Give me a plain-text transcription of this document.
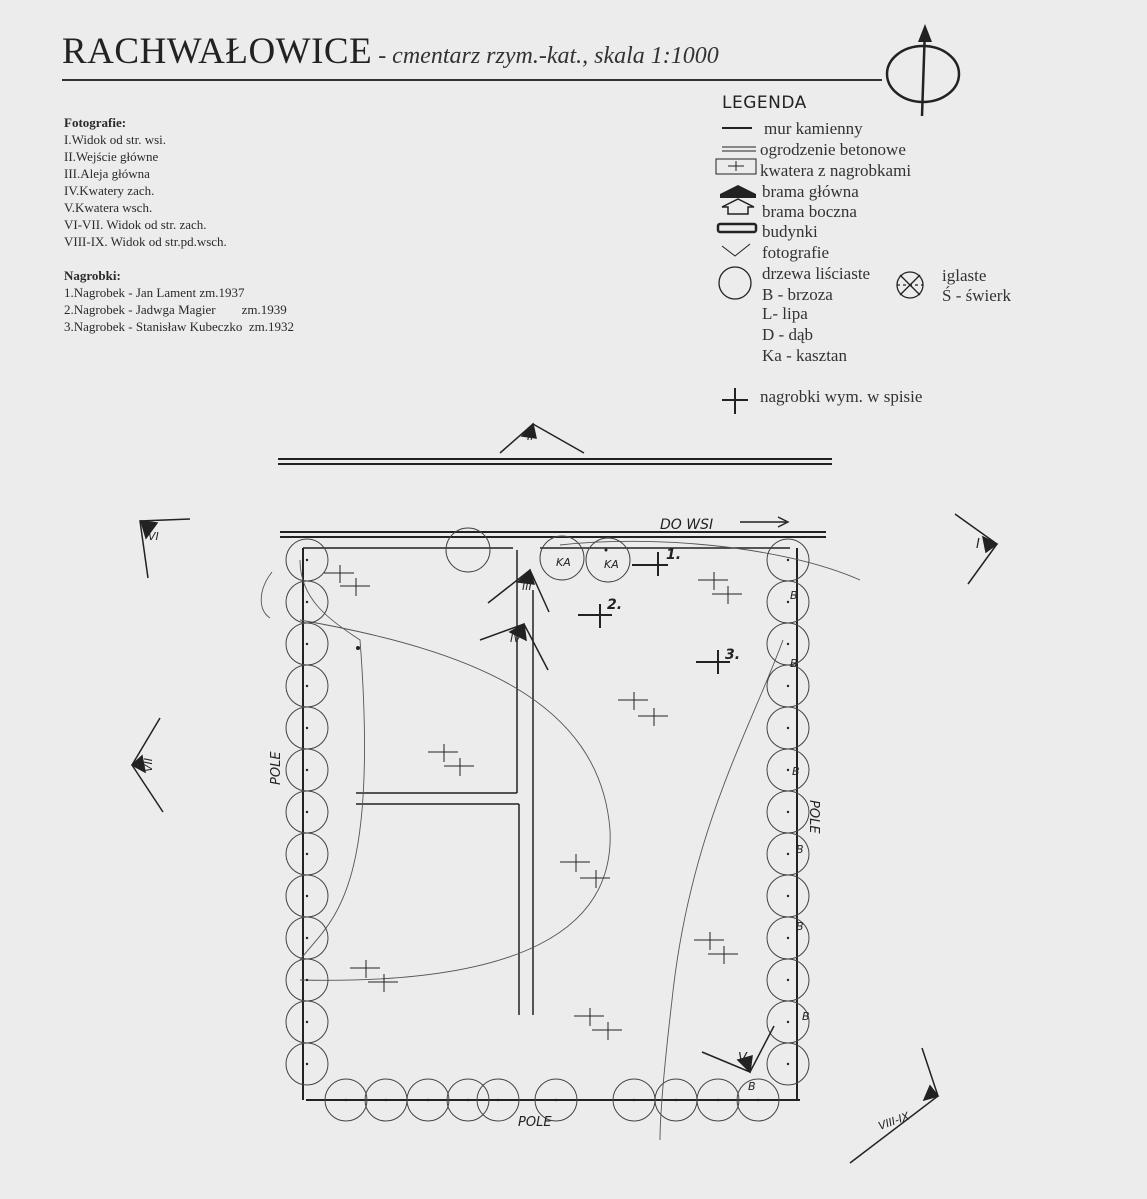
RACHWAŁOWICE - cmentarz rzym.-kat., skala 1:1000
Fotografie:
I.Widok od str. wsi.
II.Wejście główne
III.Aleja główna
IV.Kwatery zach.
V.Kwatera wsch.
VI-VII. Widok od str. zach.
VIII-IX. Widok od str.pd.wsch.
Nagrobki:
1.Nagrobek - Jan Lament zm.1937
2.Nagrobek - Jadwga Magier        zm.1939
3.Nagrobek - Stanisław Kubeczko  zm.1932
LEGENDA
mur kamienny
ogrodzenie betonowe
kwatera z nagrobkami
brama główna
brama boczna
budynki
fotografie
drzewa liściaste	iglaste
B - brzoza	Ś - świerk
L- lipa
D - dąb
Ka - kasztan
nagrobki wym. w spisie
DO WSI
1.
2.
3.
KA	KA
B
B
B
B
B
B
B
POLE
POLE
POLE
II
VI
I
VII
III
IV
V
VIII-IX
